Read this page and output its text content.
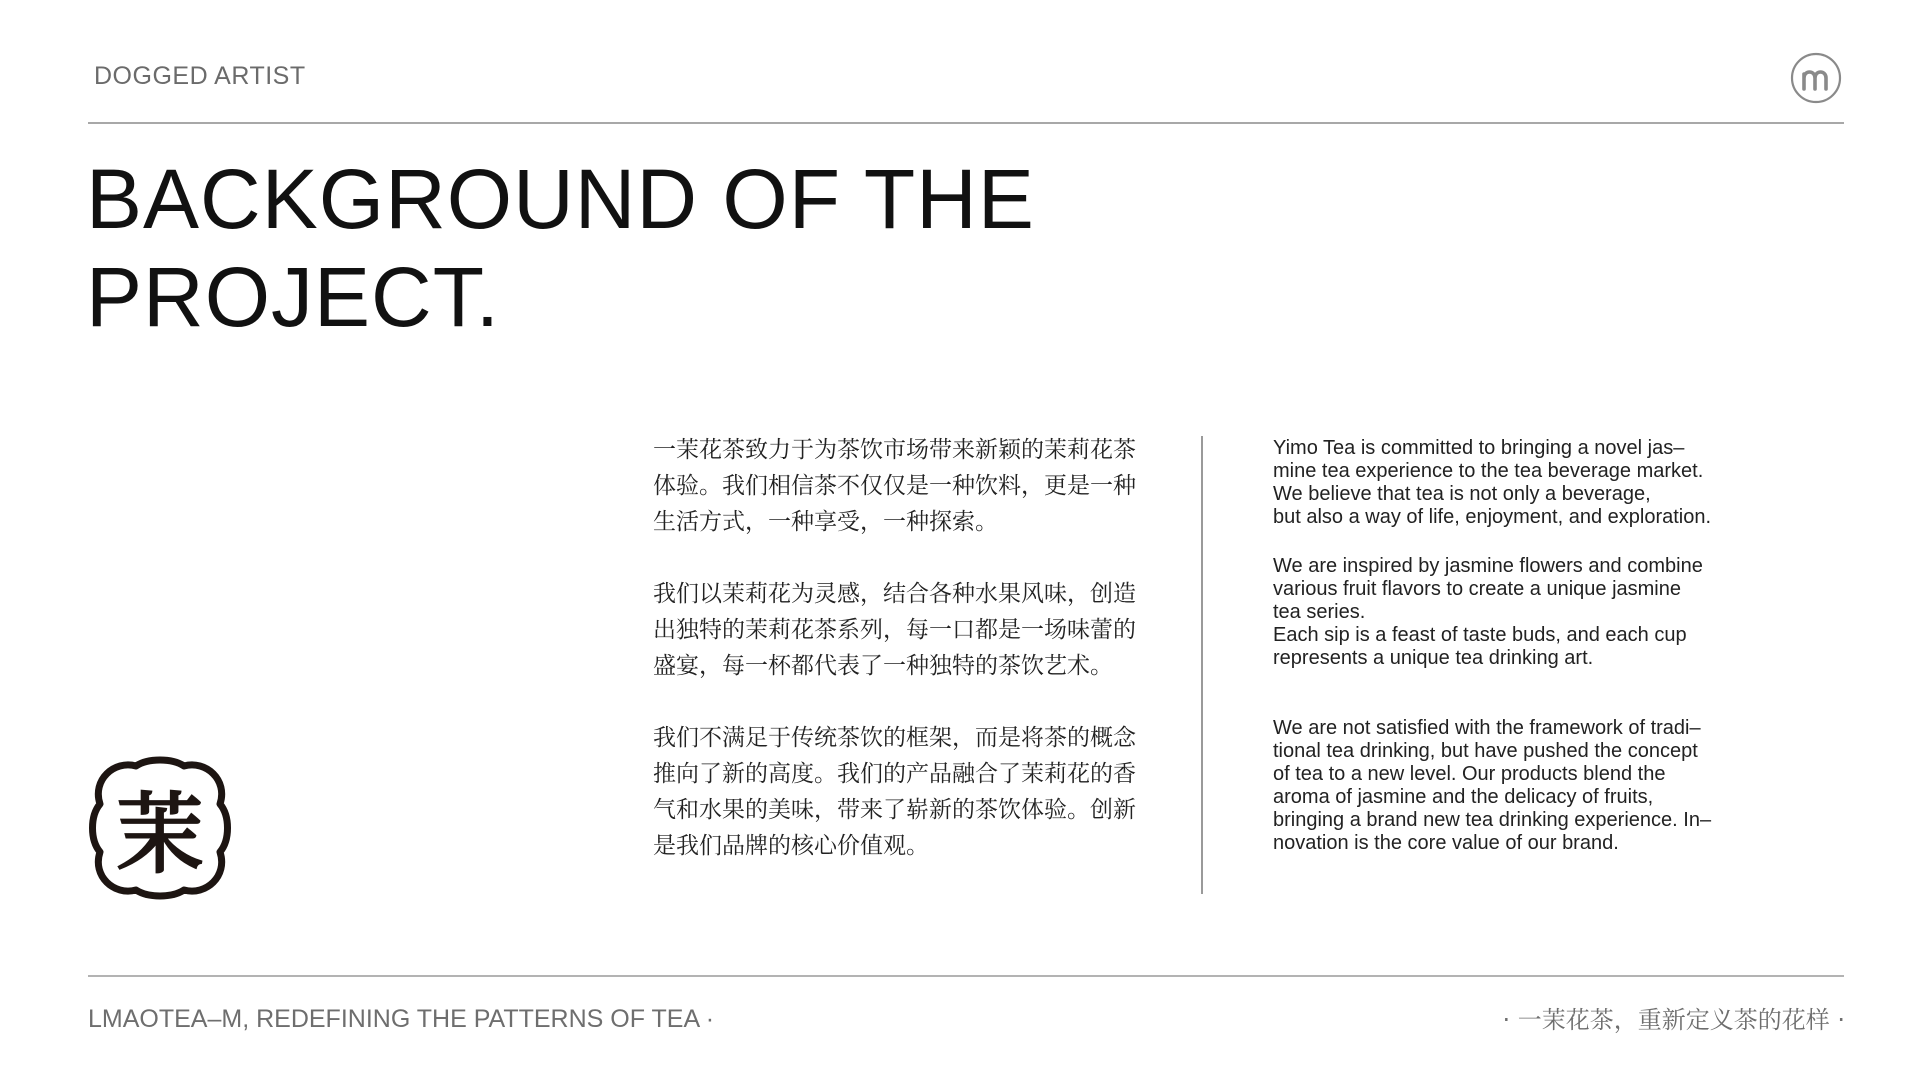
DOGGED ARTIST
BACKGROUND OF THE
PROJECT.
茉

一茉花茶致力于为茶饮市场带来新颖的茉莉花茶体验。我们相信茶不仅仅是一种饮料，更是一种生活方式，一种享受，一种探索。

我们以茉莉花为灵感，结合各种水果风味，创造出独特的茉莉花茶系列，每一口都是一场味蕾的盛宴，每一杯都代表了一种独特的茶饮艺术。

我们不满足于传统茶饮的框架，而是将茶的概念推向了新的高度。我们的产品融合了茉莉花的香气和水果的美味，带来了崭新的茶饮体验。创新是我们品牌的核心价值观。

Yimo Tea is committed to bringing a novel jas–
mine tea experience to the tea beverage market.
We believe that tea is not only a beverage,
but also a way of life, enjoyment, and exploration.

We are inspired by jasmine flowers and combine
various fruit flavors to create a unique jasmine
tea series.
Each sip is a feast of taste buds, and each cup
represents a unique tea drinking art.

We are not satisfied with the framework of tradi–
tional tea drinking, but have pushed the concept
of tea to a new level. Our products blend the
aroma of jasmine and the delicacy of fruits,
bringing a brand new tea drinking experience. In–
novation is the core value of our brand.

LMAOTEA–M, REDEFINING THE PATTERNS OF TEA ·	· 一茉花茶，重新定义茶的花样 ·
